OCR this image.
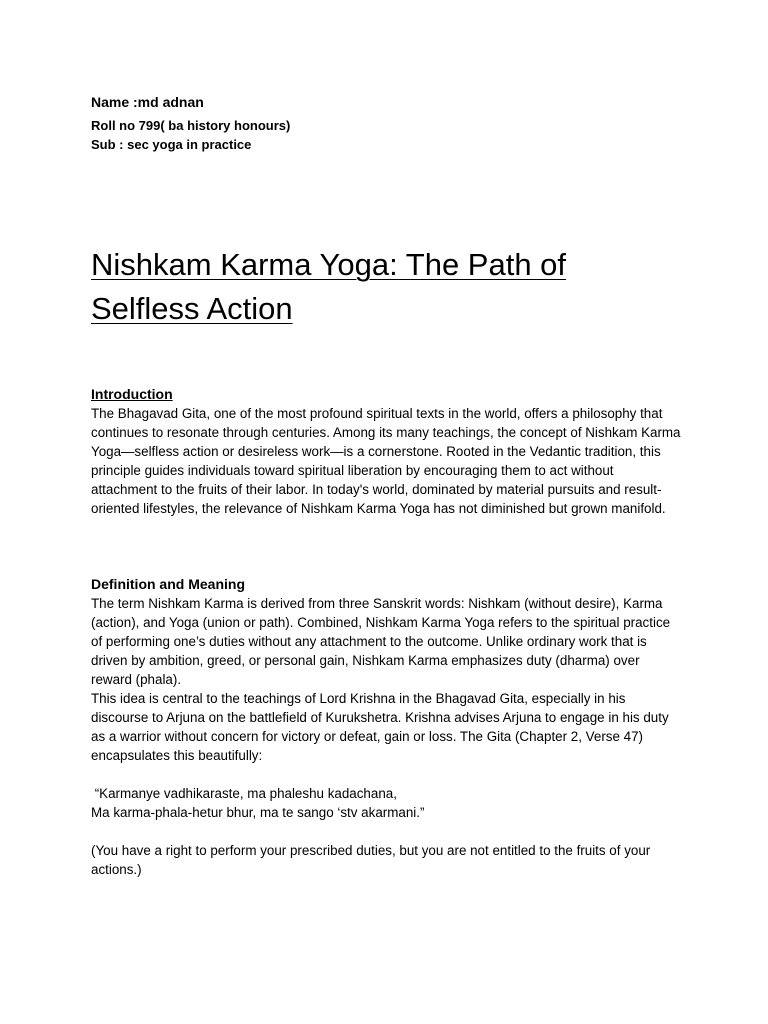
Name :md adnan

Roll no 799( ba history honours)

Sub : sec yoga in practice

Nishkam Karma Yoga: The Path of
Selfless Action
Introduction

The Bhagavad Gita, one of the most profound spiritual texts in the world, offers a philosophy that continues to resonate through centuries. Among its many teachings, the concept of Nishkam Karma Yoga—selfless action or desireless work—is a cornerstone. Rooted in the Vedantic tradition, this principle guides individuals toward spiritual liberation by encouraging them to act without attachment to the fruits of their labor. In today's world, dominated by material pursuits and result-oriented lifestyles, the relevance of Nishkam Karma Yoga has not diminished but grown manifold.

Definition and Meaning

The term Nishkam Karma is derived from three Sanskrit words: Nishkam (without desire), Karma (action), and Yoga (union or path). Combined, Nishkam Karma Yoga refers to the spiritual practice of performing one’s duties without any attachment to the outcome. Unlike ordinary work that is driven by ambition, greed, or personal gain, Nishkam Karma emphasizes duty (dharma) over reward (phala).

This idea is central to the teachings of Lord Krishna in the Bhagavad Gita, especially in his discourse to Arjuna on the battlefield of Kurukshetra. Krishna advises Arjuna to engage in his duty as a warrior without concern for victory or defeat, gain or loss. The Gita (Chapter 2, Verse 47) encapsulates this beautifully:

“Karmanye vadhikaraste, ma phaleshu kadachana,
Ma karma-phala-hetur bhur, ma te sango ‘stv akarmani.”

(You have a right to perform your prescribed duties, but you are not entitled to the fruits of your actions.)
